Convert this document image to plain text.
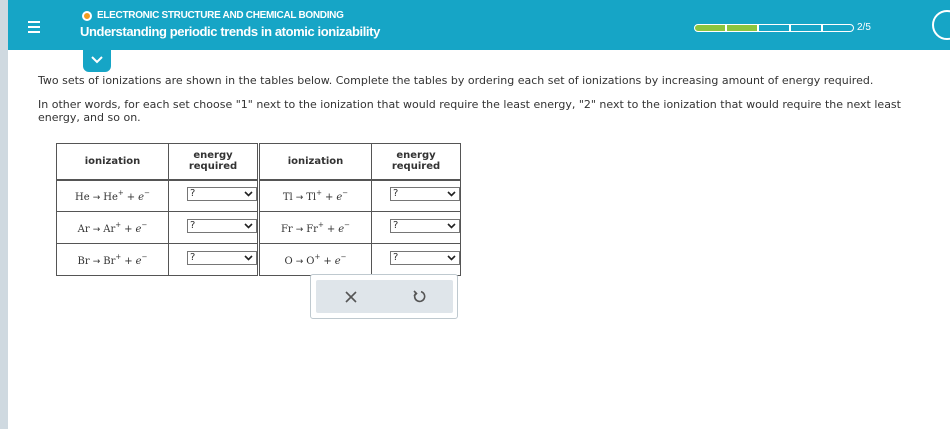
ELECTRONIC STRUCTURE AND CHEMICAL BONDING
Understanding periodic trends in atomic ionizability	2/5
Two sets of ionizations are shown in the tables below. Complete the tables by ordering each set of ionizations by increasing amount of energy required.
In other words, for each set choose "1" next to the ionization that would require the least energy, "2" next to the ionization that would require the next least energy, and so on.
ionization	energy
required
He → He+ + e−	?

Ar → Ar+ + e−	?

Br → Br+ + e−	?
ionization	energy
required
Tl → Tl+ + e−	?

Fr → Fr+ + e−	?

O → O+ + e−	?
